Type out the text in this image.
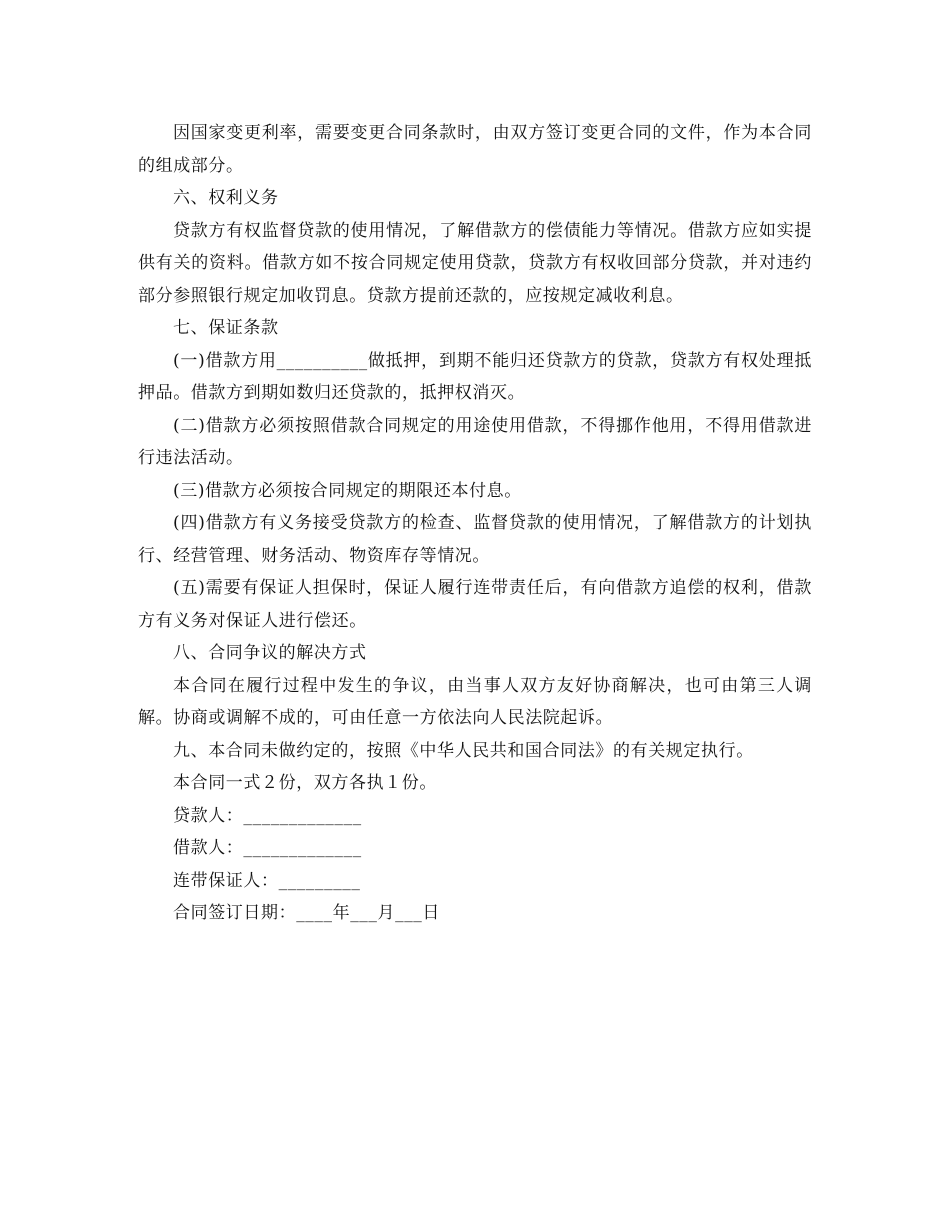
因国家变更利率，需要变更合同条款时，由双方签订变更合同的文件，作为本合同的组成部分。

六、权利义务

贷款方有权监督贷款的使用情况，了解借款方的偿债能力等情况。借款方应如实提供有关的资料。借款方如不按合同规定使用贷款，贷款方有权收回部分贷款，并对违约部分参照银行规定加收罚息。贷款方提前还款的，应按规定减收利息。

七、保证条款

(一)借款方用__________做抵押，到期不能归还贷款方的贷款，贷款方有权处理抵押品。借款方到期如数归还贷款的，抵押权消灭。

(二)借款方必须按照借款合同规定的用途使用借款，不得挪作他用，不得用借款进行违法活动。

(三)借款方必须按合同规定的期限还本付息。

(四)借款方有义务接受贷款方的检查、监督贷款的使用情况，了解借款方的计划执行、经营管理、财务活动、物资库存等情况。

(五)需要有保证人担保时，保证人履行连带责任后，有向借款方追偿的权利，借款方有义务对保证人进行偿还。

八、合同争议的解决方式

本合同在履行过程中发生的争议，由当事人双方友好协商解决，也可由第三人调解。协商或调解不成的，可由任意一方依法向人民法院起诉。

九、本合同未做约定的，按照《中华人民共和国合同法》的有关规定执行。

本合同一式２份，双方各执１份。

贷款人：_____________

借款人：_____________

连带保证人：_________

合同签订日期：____年___月___日
